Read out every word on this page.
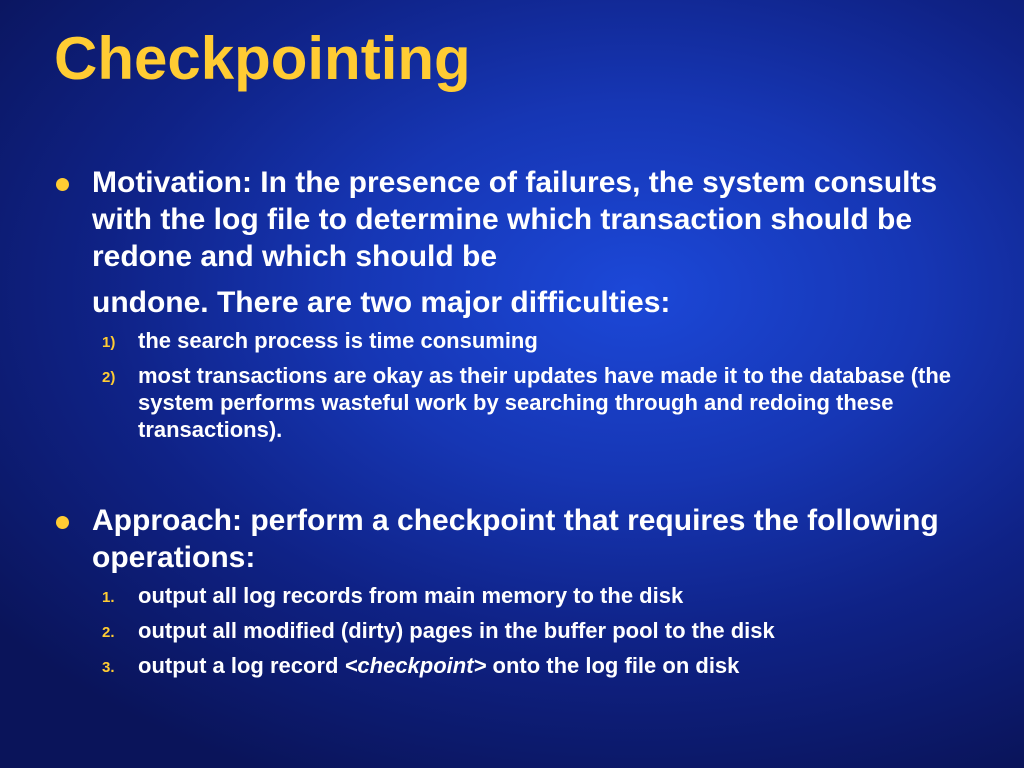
Checkpointing
Motivation: In the presence of failures, the system consults with the log file to determine which transaction should be redone and which should be
undone. There are two major difficulties:
1) the search process is time consuming
2) most transactions are okay as their updates have made it to the database (the system performs wasteful work by searching through and redoing these transactions).
Approach: perform a checkpoint that requires the following operations:
1. output all log records from main memory to the disk
2. output all modified (dirty) pages in the buffer pool to the disk
3. output a log record <checkpoint> onto the log file on disk
